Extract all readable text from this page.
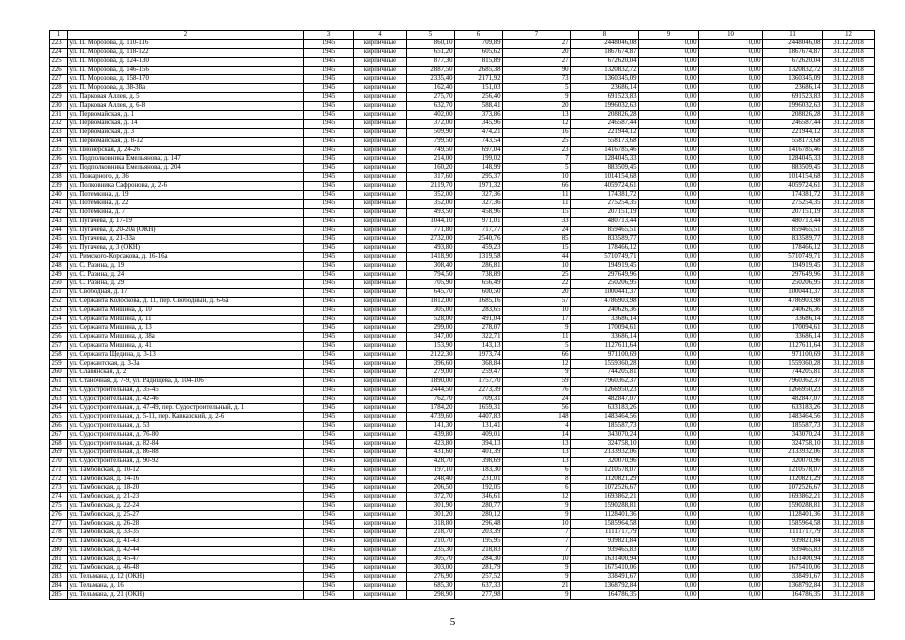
1	2	3	4	5	6	7	8	9	10	11	12
223	ул. П. Морозова, д. 110-116	1945	кирпичные	860,10	709,89	27	2448046,08	0,00	0,00	2448046,08	31.12.2018
224	ул. П. Морозова, д. 118-122	1945	кирпичные	651,20	605,62	20	1867674,87	0,00	0,00	1867674,87	31.12.2018
225	ул. П. Морозова, д. 124-130	1945	кирпичные	877,30	815,89	27	672620,04	0,00	0,00	672620,04	31.12.2018
226	ул. П. Морозова, д. 146-156	1945	кирпичные	2887,50	2685,38	90	1320832,72	0,00	0,00	1320832,72	31.12.2018
227	ул. П. Морозова, д. 158-170	1945	кирпичные	2335,40	2171,92	73	1360345,09	0,00	0,00	1360345,09	31.12.2018
228	ул. П. Морозова, д. 38-38а	1945	кирпичные	162,40	151,03	5	23686,14	0,00	0,00	23686,14	31.12.2018
229	ул. Парковая Аллея, д. 5	1945	кирпичные	275,70	256,40	9	691523,83	0,00	0,00	691523,83	31.12.2018
230	ул. Парковая Аллея, д. 6-8	1945	кирпичные	632,70	588,41	20	1996032,63	0,00	0,00	1996032,63	31.12.2018
231	ул. Первомайская, д. 1	1945	кирпичные	402,00	373,86	13	208826,28	0,00	0,00	208826,28	31.12.2018
232	ул. Первомайская, д. 14	1945	кирпичные	372,00	345,96	12	246587,44	0,00	0,00	246587,44	31.12.2018
233	ул. Первомайская, д. 3	1945	кирпичные	509,90	474,21	16	221944,12	0,00	0,00	221944,12	31.12.2018
234	ул. Первомайская, д. 8-12	1945	кирпичные	799,50	743,54	25	558173,68	0,00	0,00	558173,68	31.12.2018
235	ул. Пионерская, д. 24-26	1945	кирпичные	749,50	697,04	23	1416785,46	0,00	0,00	1416785,46	31.12.2018
236	ул. Подполковника Емельянова, д. 147	1945	кирпичные	214,00	199,02	7	1284045,33	0,00	0,00	1284045,33	31.12.2018
237	ул. Подполковника Емельянова, д. 204	1945	кирпичные	160,20	148,99	5	883509,45	0,00	0,00	883509,45	31.12.2018
238	ул. Пожарного, д. 36	1945	кирпичные	317,60	295,37	10	1014154,68	0,00	0,00	1014154,68	31.12.2018
239	ул. Полковника Сафронова, д. 2-6	1945	кирпичные	2119,70	1971,32	66	4059724,61	0,00	0,00	4059724,61	31.12.2018
240	ул. Потемкина, д. 19	1945	кирпичные	352,00	327,36	11	174381,72	0,00	0,00	174381,72	31.12.2018
241	ул. Потемкина, д. 22	1945	кирпичные	352,00	327,36	11	275254,35	0,00	0,00	275254,35	31.12.2018
242	ул. Потемкина, д. 7	1945	кирпичные	493,50	458,96	15	207151,19	0,00	0,00	207151,19	31.12.2018
243	ул. Пугачева, д. 17-19	1945	кирпичные	1044,10	971,01	33	480713,44	0,00	0,00	480713,44	31.12.2018
244	ул. Пугачева, д. 20-20а (ОКН)	1945	кирпичные	771,80	717,77	24	859465,51	0,00	0,00	859465,51	31.12.2018
245	ул. Пугачева, д. 21-33а	1945	кирпичные	2732,00	2540,76	85	833589,77	0,00	0,00	833589,77	31.12.2018
246	ул. Пугачева, д. 3 (ОКН)	1945	кирпичные	493,80	459,23	15	178466,12	0,00	0,00	178466,12	31.12.2018
247	ул. Римского-Корсакова, д. 16-16а	1945	кирпичные	1418,90	1319,58	44	5710749,71	0,00	0,00	5710749,71	31.12.2018
248	ул. С. Разина, д. 19	1945	кирпичные	308,40	286,81	10	194919,45	0,00	0,00	194919,45	31.12.2018
249	ул. С. Разина, д. 24	1945	кирпичные	794,50	738,89	25	297649,96	0,00	0,00	297649,96	31.12.2018
250	ул. С. Разина, д. 29	1945	кирпичные	705,90	656,49	22	250206,95	0,00	0,00	250206,95	31.12.2018
251	ул. Свободная, д. 17	1945	кирпичные	645,70	600,50	20	1000441,37	0,00	0,00	1000441,37	31.12.2018
252	ул. Сержанта Колоскова, д. 11, пер. Свободный, д. 6-6а	1945	кирпичные	1812,00	1685,16	57	4786903,98	0,00	0,00	4786903,98	31.12.2018
253	ул. Сержанта Мишина, д. 10	1945	кирпичные	305,00	283,65	10	240626,36	0,00	0,00	240626,36	31.12.2018
254	ул. Сержанта Мишина, д. 11	1945	кирпичные	528,00	491,04	17	33686,14	0,00	0,00	33686,14	31.12.2018
255	ул. Сержанта Мишина, д. 13	1945	кирпичные	299,00	278,07	9	170094,61	0,00	0,00	170094,61	31.12.2018
256	ул. Сержанта Мишина, д. 38а	1945	кирпичные	347,00	322,71	11	33686,14	0,00	0,00	33686,14	31.12.2018
257	ул. Сержанта Мишина, д. 41	1945	кирпичные	153,90	143,13	5	1127611,64	0,00	0,00	1127611,64	31.12.2018
258	ул. Сержанта Щедина, д. 3-13	1945	кирпичные	2122,30	1973,74	66	971100,69	0,00	0,00	971100,69	31.12.2018
259	ул. Сержантская, д. 3-3а	1945	кирпичные	396,60	368,84	12	1559360,28	0,00	0,00	1559360,28	31.12.2018
260	ул. Славянская, д. 2	1945	кирпичные	279,00	259,47	9	744205,81	0,00	0,00	744205,81	31.12.2018
261	ул. Станочная, д. 7-9, ул. Радищева, д. 104-106	1945	кирпичные	1890,00	1757,70	59	7960362,37	0,00	0,00	7960362,37	31.12.2018
262	ул. Судостроительная, д. 35-45	1945	кирпичные	2444,50	2273,39	76	1266950,23	0,00	0,00	1266950,23	31.12.2018
263	ул. Судостроительная, д. 42-46	1945	кирпичные	762,70	709,31	24	482847,07	0,00	0,00	482847,07	31.12.2018
264	ул. Судостроительная, д. 47-49, пер. Судостроительный, д. 1	1945	кирпичные	1784,20	1659,31	56	633183,26	0,00	0,00	633183,26	31.12.2018
265	ул. Судостроительная, д. 5-11, пер. Кавказский, д. 2-6	1945	кирпичные	4739,60	4407,83	148	1483464,56	0,00	0,00	1483464,56	31.12.2018
266	ул. Судостроительная, д. 53	1945	кирпичные	141,30	131,41	4	185587,73	0,00	0,00	185587,73	31.12.2018
267	ул. Судостроительная, д. 76-80	1945	кирпичные	439,80	409,01	14	343070,24	0,00	0,00	343070,24	31.12.2018
268	ул. Судостроительная, д. 82-84	1945	кирпичные	423,80	394,13	13	324758,10	0,00	0,00	324758,10	31.12.2018
269	ул. Судостроительная, д. 86-88	1945	кирпичные	431,60	401,39	13	2133932,06	0,00	0,00	2133932,06	31.12.2018
270	ул. Судостроительная, д. 90-92	1945	кирпичные	428,70	398,69	13	320070,96	0,00	0,00	320070,96	31.12.2018
271	ул. Тамбовская, д. 10-12	1945	кирпичные	197,10	183,30	6	1210578,07	0,00	0,00	1210578,07	31.12.2018
272	ул. Тамбовская, д. 14-16	1945	кирпичные	248,40	231,01	8	1120821,29	0,00	0,00	1120821,29	31.12.2018
273	ул. Тамбовская, д. 18-20	1945	кирпичные	206,50	192,05	6	1072526,67	0,00	0,00	1072526,67	31.12.2018
274	ул. Тамбовская, д. 21-23	1945	кирпичные	372,70	346,61	12	1693862,21	0,00	0,00	1693862,21	31.12.2018
275	ул. Тамбовская, д. 22-24	1945	кирпичные	301,90	280,77	9	1590288,81	0,00	0,00	1590288,81	31.12.2018
276	ул. Тамбовская, д. 25-27	1945	кирпичные	301,20	280,12	9	1128401,36	0,00	0,00	1128401,36	31.12.2018
277	ул. Тамбовская, д. 26-28	1945	кирпичные	318,80	296,48	10	1585964,58	0,00	0,00	1585964,58	31.12.2018
278	ул. Тамбовская, д. 33-35	1945	кирпичные	218,70	203,39	7	1111717,79	0,00	0,00	1111717,79	31.12.2018
279	ул. Тамбовская, д. 41-43	1945	кирпичные	210,70	195,95	7	939821,84	0,00	0,00	939821,84	31.12.2018
280	ул. Тамбовская, д. 42-44	1945	кирпичные	235,30	218,83	7	939465,83	0,00	0,00	939465,83	31.12.2018
281	ул. Тамбовская, д. 45-47	1945	кирпичные	305,70	284,30	10	1631400,94	0,00	0,00	1631400,94	31.12.2018
282	ул. Тамбовская, д. 46-48	1945	кирпичные	303,00	281,79	9	1675410,06	0,00	0,00	1675410,06	31.12.2018
283	ул. Тельмана, д. 12 (ОКН)	1945	кирпичные	276,90	257,52	9	338491,67	0,00	0,00	338491,67	31.12.2018
284	ул. Тельмана, д. 16	1945	кирпичные	685,30	637,33	21	1368792,84	0,00	0,00	1368792,84	31.12.2018
285	ул. Тельмана, д. 21 (ОКН)	1945	кирпичные	298,90	277,98	9	164786,35	0,00	0,00	164786,35	31.12.2018
5
